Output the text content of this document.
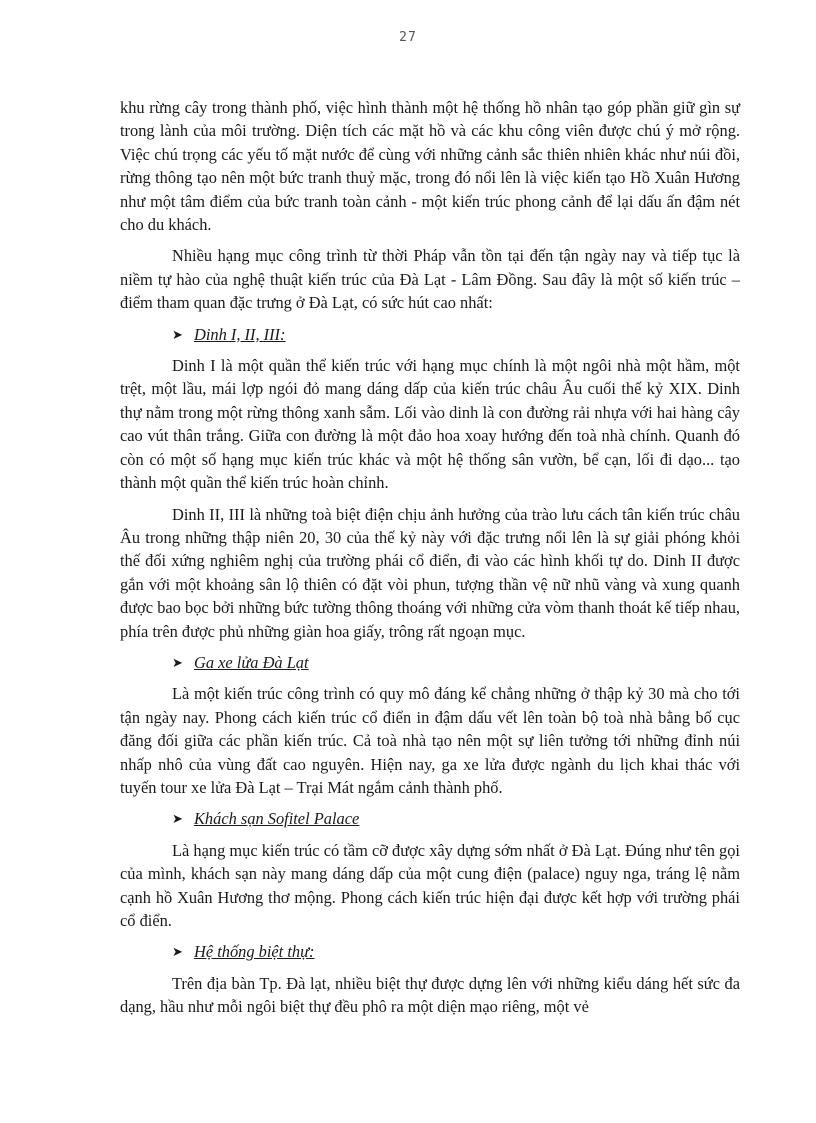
27

khu rừng cây trong thành phố, việc hình thành một hệ thống hồ nhân tạo góp phần giữ gìn sự trong lành của môi trường. Diện tích các mặt hồ và các khu công viên được chú ý mở rộng. Việc chú trọng các yếu tố mặt nước để cùng với những cảnh sắc thiên nhiên khác như núi đồi, rừng thông tạo nên một bức tranh thuỷ mặc, trong đó nổi lên là việc kiến tạo Hồ Xuân Hương như một tâm điểm của bức tranh toàn cảnh - một kiến trúc phong cảnh để lại dấu ấn đậm nét cho du khách.

Nhiều hạng mục công trình từ thời Pháp vẫn tồn tại đến tận ngày nay và tiếp tục là niềm tự hào của nghệ thuật kiến trúc của Đà Lạt - Lâm Đồng. Sau đây là một số kiến trúc – điểm tham quan đặc trưng ở Đà Lạt, có sức hút cao nhất:

➤ Dinh I, II, III:

Dinh I là một quần thể kiến trúc với hạng mục chính là một ngôi nhà một hầm, một trệt, một lầu, mái lợp ngói đỏ mang dáng dấp của kiến trúc châu Âu cuối thế kỷ XIX. Dinh thự nằm trong một rừng thông xanh sẫm. Lối vào dinh là con đường rải nhựa với hai hàng cây cao vút thân trắng. Giữa con đường là một đảo hoa xoay hướng đến toà nhà chính. Quanh đó còn có một số hạng mục kiến trúc khác và một hệ thống sân vườn, bể cạn, lối đi dạo... tạo thành một quần thể kiến trúc hoàn chỉnh.

Dinh II, III là những toà biệt điện chịu ảnh hưởng của trào lưu cách tân kiến trúc châu Âu trong những thập niên 20, 30 của thế kỷ này với đặc trưng nổi lên là sự giải phóng khỏi thế đối xứng nghiêm nghị của trường phái cổ điển, đi vào các hình khối tự do. Dinh II được gắn với một khoảng sân lộ thiên có đặt vòi phun, tượng thần vệ nữ nhũ vàng và xung quanh được bao bọc bởi những bức tường thông thoáng với những cửa vòm thanh thoát kế tiếp nhau, phía trên được phủ những giàn hoa giấy, trông rất ngoạn mục.

➤ Ga xe lửa Đà Lạt

Là một kiến trúc công trình có quy mô đáng kể chẳng những ở thập kỷ 30 mà cho tới tận ngày nay. Phong cách kiến trúc cổ điển in đậm dấu vết lên toàn bộ toà nhà bằng bố cục đăng đối giữa các phần kiến trúc. Cả toà nhà tạo nên một sự liên tưởng tới những đỉnh núi nhấp nhô của vùng đất cao nguyên. Hiện nay, ga xe lửa được ngành du lịch khai thác với tuyến tour xe lửa Đà Lạt – Trại Mát ngắm cảnh thành phố.

➤ Khách sạn Sofitel Palace

Là hạng mục kiến trúc có tầm cỡ được xây dựng sớm nhất ở Đà Lạt. Đúng như tên gọi của mình, khách sạn này mang dáng dấp của một cung điện (palace) nguy nga, tráng lệ nằm cạnh hồ Xuân Hương thơ mộng. Phong cách kiến trúc hiện đại được kết hợp với trường phái cổ điển.

➤ Hệ thống biệt thự:

Trên địa bàn Tp. Đà lạt, nhiều biệt thự được dựng lên với những kiểu dáng hết sức đa dạng, hầu như mỗi ngôi biệt thự đều phô ra một diện mạo riêng, một vẻ
